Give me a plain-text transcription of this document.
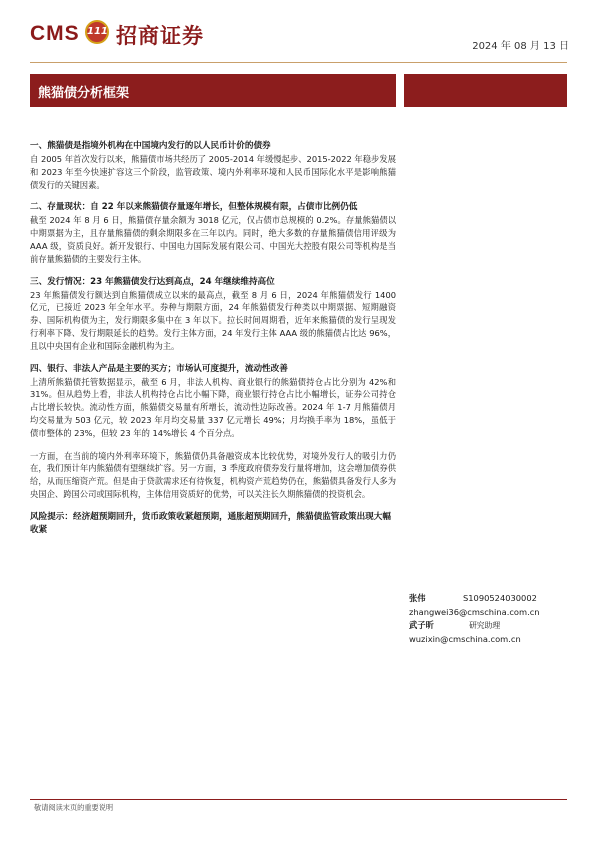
CMS 111 招商证券	2024 年 08 月 13 日
熊猫债分析框架
一、熊猫债是指境外机构在中国境内发行的以人民币计价的债券
自 2005 年首次发行以来，熊猫债市场共经历了 2005-2014 年缓慢起步、2015-2022 年稳步发展和 2023 年至今快速扩容这三个阶段，监管政策、境内外利率环境和人民币国际化水平是影响熊猫债发行的关键因素。
二、存量现状：自 22 年以来熊猫债存量逐年增长，但整体规模有限，占债市比例仍低
截至 2024 年 8 月 6 日，熊猫债存量余额为 3018 亿元，仅占债市总规模的 0.2%。存量熊猫债以中期票据为主，且存量熊猫债的剩余期限多在三年以内。同时，绝大多数的存量熊猫债信用评级为 AAA 级，资质良好。新开发银行、中国电力国际发展有限公司、中国光大控股有限公司等机构是当前存量熊猫债的主要发行主体。
三、发行情况：23 年熊猫债发行达到高点，24 年继续维持高位
23 年熊猫债发行额达到自熊猫债成立以来的最高点，截至 8 月 6 日，2024 年熊猫债发行 1400 亿元，已接近 2023 年全年水平。券种与期限方面，24 年熊猫债发行种类以中期票据、短期融资券、国际机构债为主，发行期限多集中在 3 年以下。拉长时间周期看，近年来熊猫债的发行呈现发行利率下降、发行期限延长的趋势。发行主体方面，24 年发行主体 AAA 级的熊猫债占比达 96%，且以中央国有企业和国际金融机构为主。
四、银行、非法人产品是主要的买方；市场认可度提升，流动性改善
上清所熊猫债托管数据显示，截至 6 月，非法人机构、商业银行的熊猫债持仓占比分别为 42%和 31%。但从趋势上看，非法人机构持仓占比小幅下降，商业银行持仓占比小幅增长，证券公司持仓占比增长较快。流动性方面，熊猫债交易量有所增长，流动性边际改善。2024 年 1-7 月熊猫债月均交易量为 503 亿元，较 2023 年月均交易量 337 亿元增长 49%；月均换手率为 18%，虽低于债市整体的 23%，但较 23 年的 14%增长 4 个百分点。
一方面，在当前的境内外利率环境下，熊猫债仍具备融资成本比较优势，对境外发行人的吸引力仍在，我们预计年内熊猫债有望继续扩容。另一方面，3 季度政府债券发行量将增加，这会增加债券供给，从而压缩资产荒。但是由于贷款需求还有待恢复，机构资产荒趋势仍在，熊猫债具备发行人多为央国企、跨国公司或国际机构，主体信用资质好的优势，可以关注长久期熊猫债的投资机会。
风险提示：经济超预期回升，货币政策收紧超预期，通胀超预期回升，熊猫债监管政策出现大幅收紧
张伟	S1090524030002
zhangwei36@cmschina.com.cn
武子昕	研究助理
wuzixin@cmschina.com.cn
敬请阅读末页的重要说明
